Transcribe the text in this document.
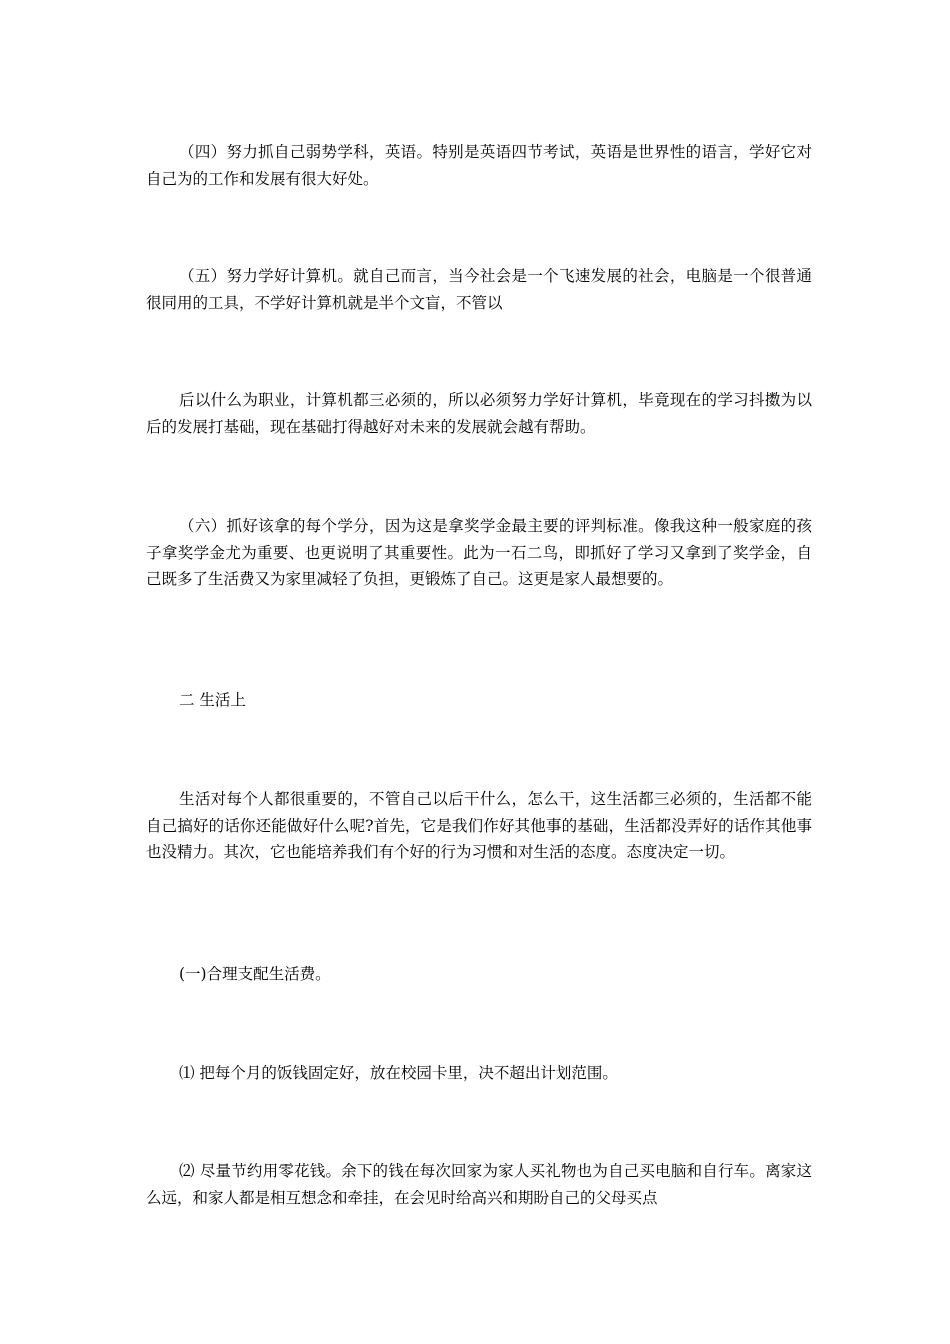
（四）努力抓自己弱势学科，英语。特别是英语四节考试，英语是世界性的语言，学好它对自己为的工作和发展有很大好处。

（五）努力学好计算机。就自己而言，当今社会是一个飞速发展的社会，电脑是一个很普通很同用的工具，不学好计算机就是半个文盲，不管以

后以什么为职业，计算机都三必须的，所以必须努力学好计算机，毕竟现在的学习抖擞为以后的发展打基础，现在基础打得越好对未来的发展就会越有帮助。

（六）抓好该拿的每个学分，因为这是拿奖学金最主要的评判标准。像我这种一般家庭的孩子拿奖学金尤为重要、也更说明了其重要性。此为一石二鸟，即抓好了学习又拿到了奖学金，自己既多了生活费又为家里减轻了负担，更锻炼了自己。这更是家人最想要的。

二 生活上

生活对每个人都很重要的，不管自己以后干什么，怎么干，这生活都三必须的，生活都不能自己搞好的话你还能做好什么呢?首先，它是我们作好其他事的基础，生活都没弄好的话作其他事也没精力。其次，它也能培养我们有个好的行为习惯和对生活的态度。态度决定一切。

(一)合理支配生活费。

⑴ 把每个月的饭钱固定好，放在校园卡里，决不超出计划范围。

⑵ 尽量节约用零花钱。余下的钱在每次回家为家人买礼物也为自己买电脑和自行车。离家这么远，和家人都是相互想念和牵挂，在会见时给高兴和期盼自己的父母买点
